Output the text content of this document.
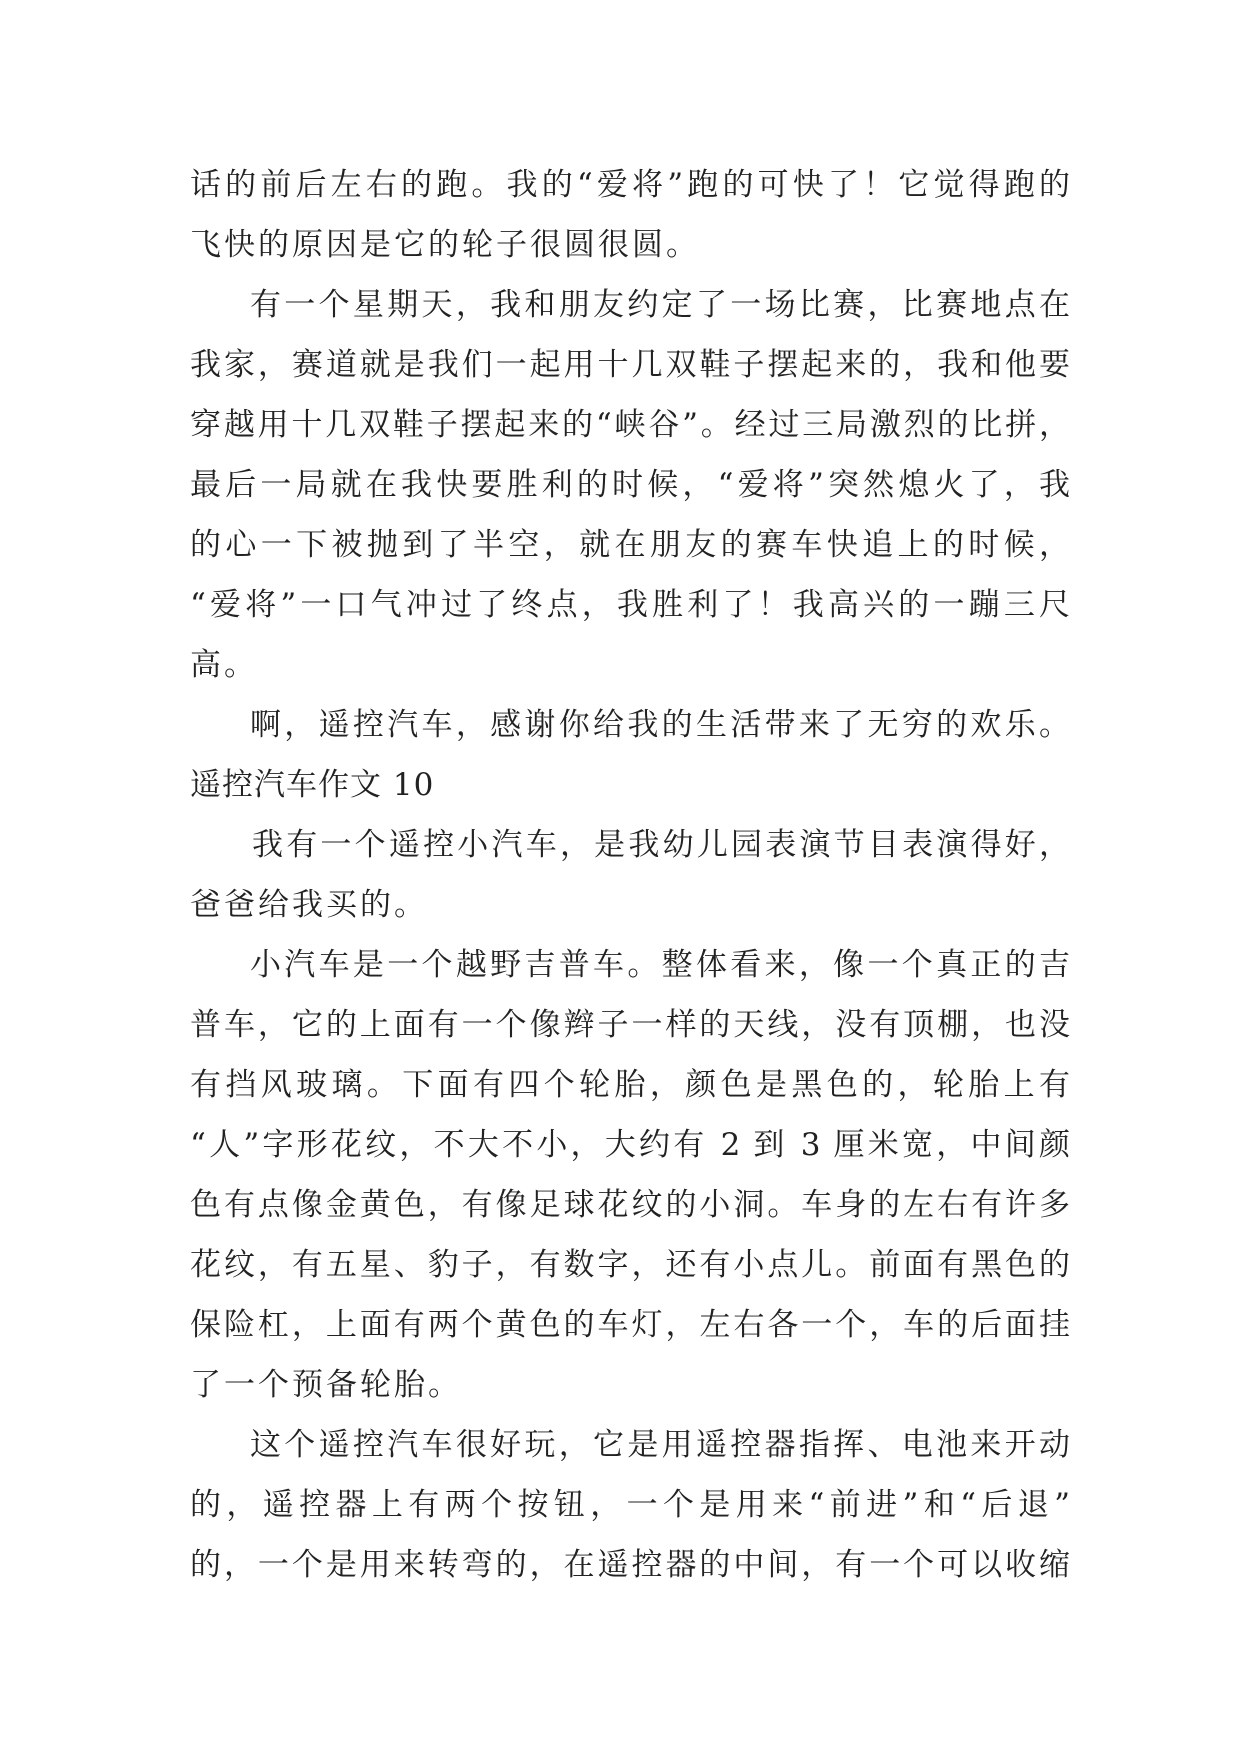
话的前后左右的跑。我的“爱将”跑的可快了！它觉得跑的
飞快的原因是它的轮子很圆很圆。
有一个星期天，我和朋友约定了一场比赛，比赛地点在
我家，赛道就是我们一起用十几双鞋子摆起来的，我和他要
穿越用十几双鞋子摆起来的“峡谷”。经过三局激烈的比拼，
最后一局就在我快要胜利的时候，“爱将”突然熄火了，我
的心一下被抛到了半空，就在朋友的赛车快追上的时候，
“爱将”一口气冲过了终点，我胜利了！我高兴的一蹦三尺
高。
啊，遥控汽车，感谢你给我的生活带来了无穷的欢乐。
遥控汽车作文 10
我有一个遥控小汽车，是我幼儿园表演节目表演得好，
爸爸给我买的。
小汽车是一个越野吉普车。整体看来，像一个真正的吉
普车，它的上面有一个像辫子一样的天线，没有顶棚，也没
有挡风玻璃。下面有四个轮胎，颜色是黑色的，轮胎上有
“人”字形花纹，不大不小，大约有 2 到 3 厘米宽，中间颜
色有点像金黄色，有像足球花纹的小洞。车身的左右有许多
花纹，有五星、豹子，有数字，还有小点儿。前面有黑色的
保险杠，上面有两个黄色的车灯，左右各一个，车的后面挂
了一个预备轮胎。
这个遥控汽车很好玩，它是用遥控器指挥、电池来开动
的，遥控器上有两个按钮，一个是用来“前进”和“后退”
的，一个是用来转弯的，在遥控器的中间，有一个可以收缩
